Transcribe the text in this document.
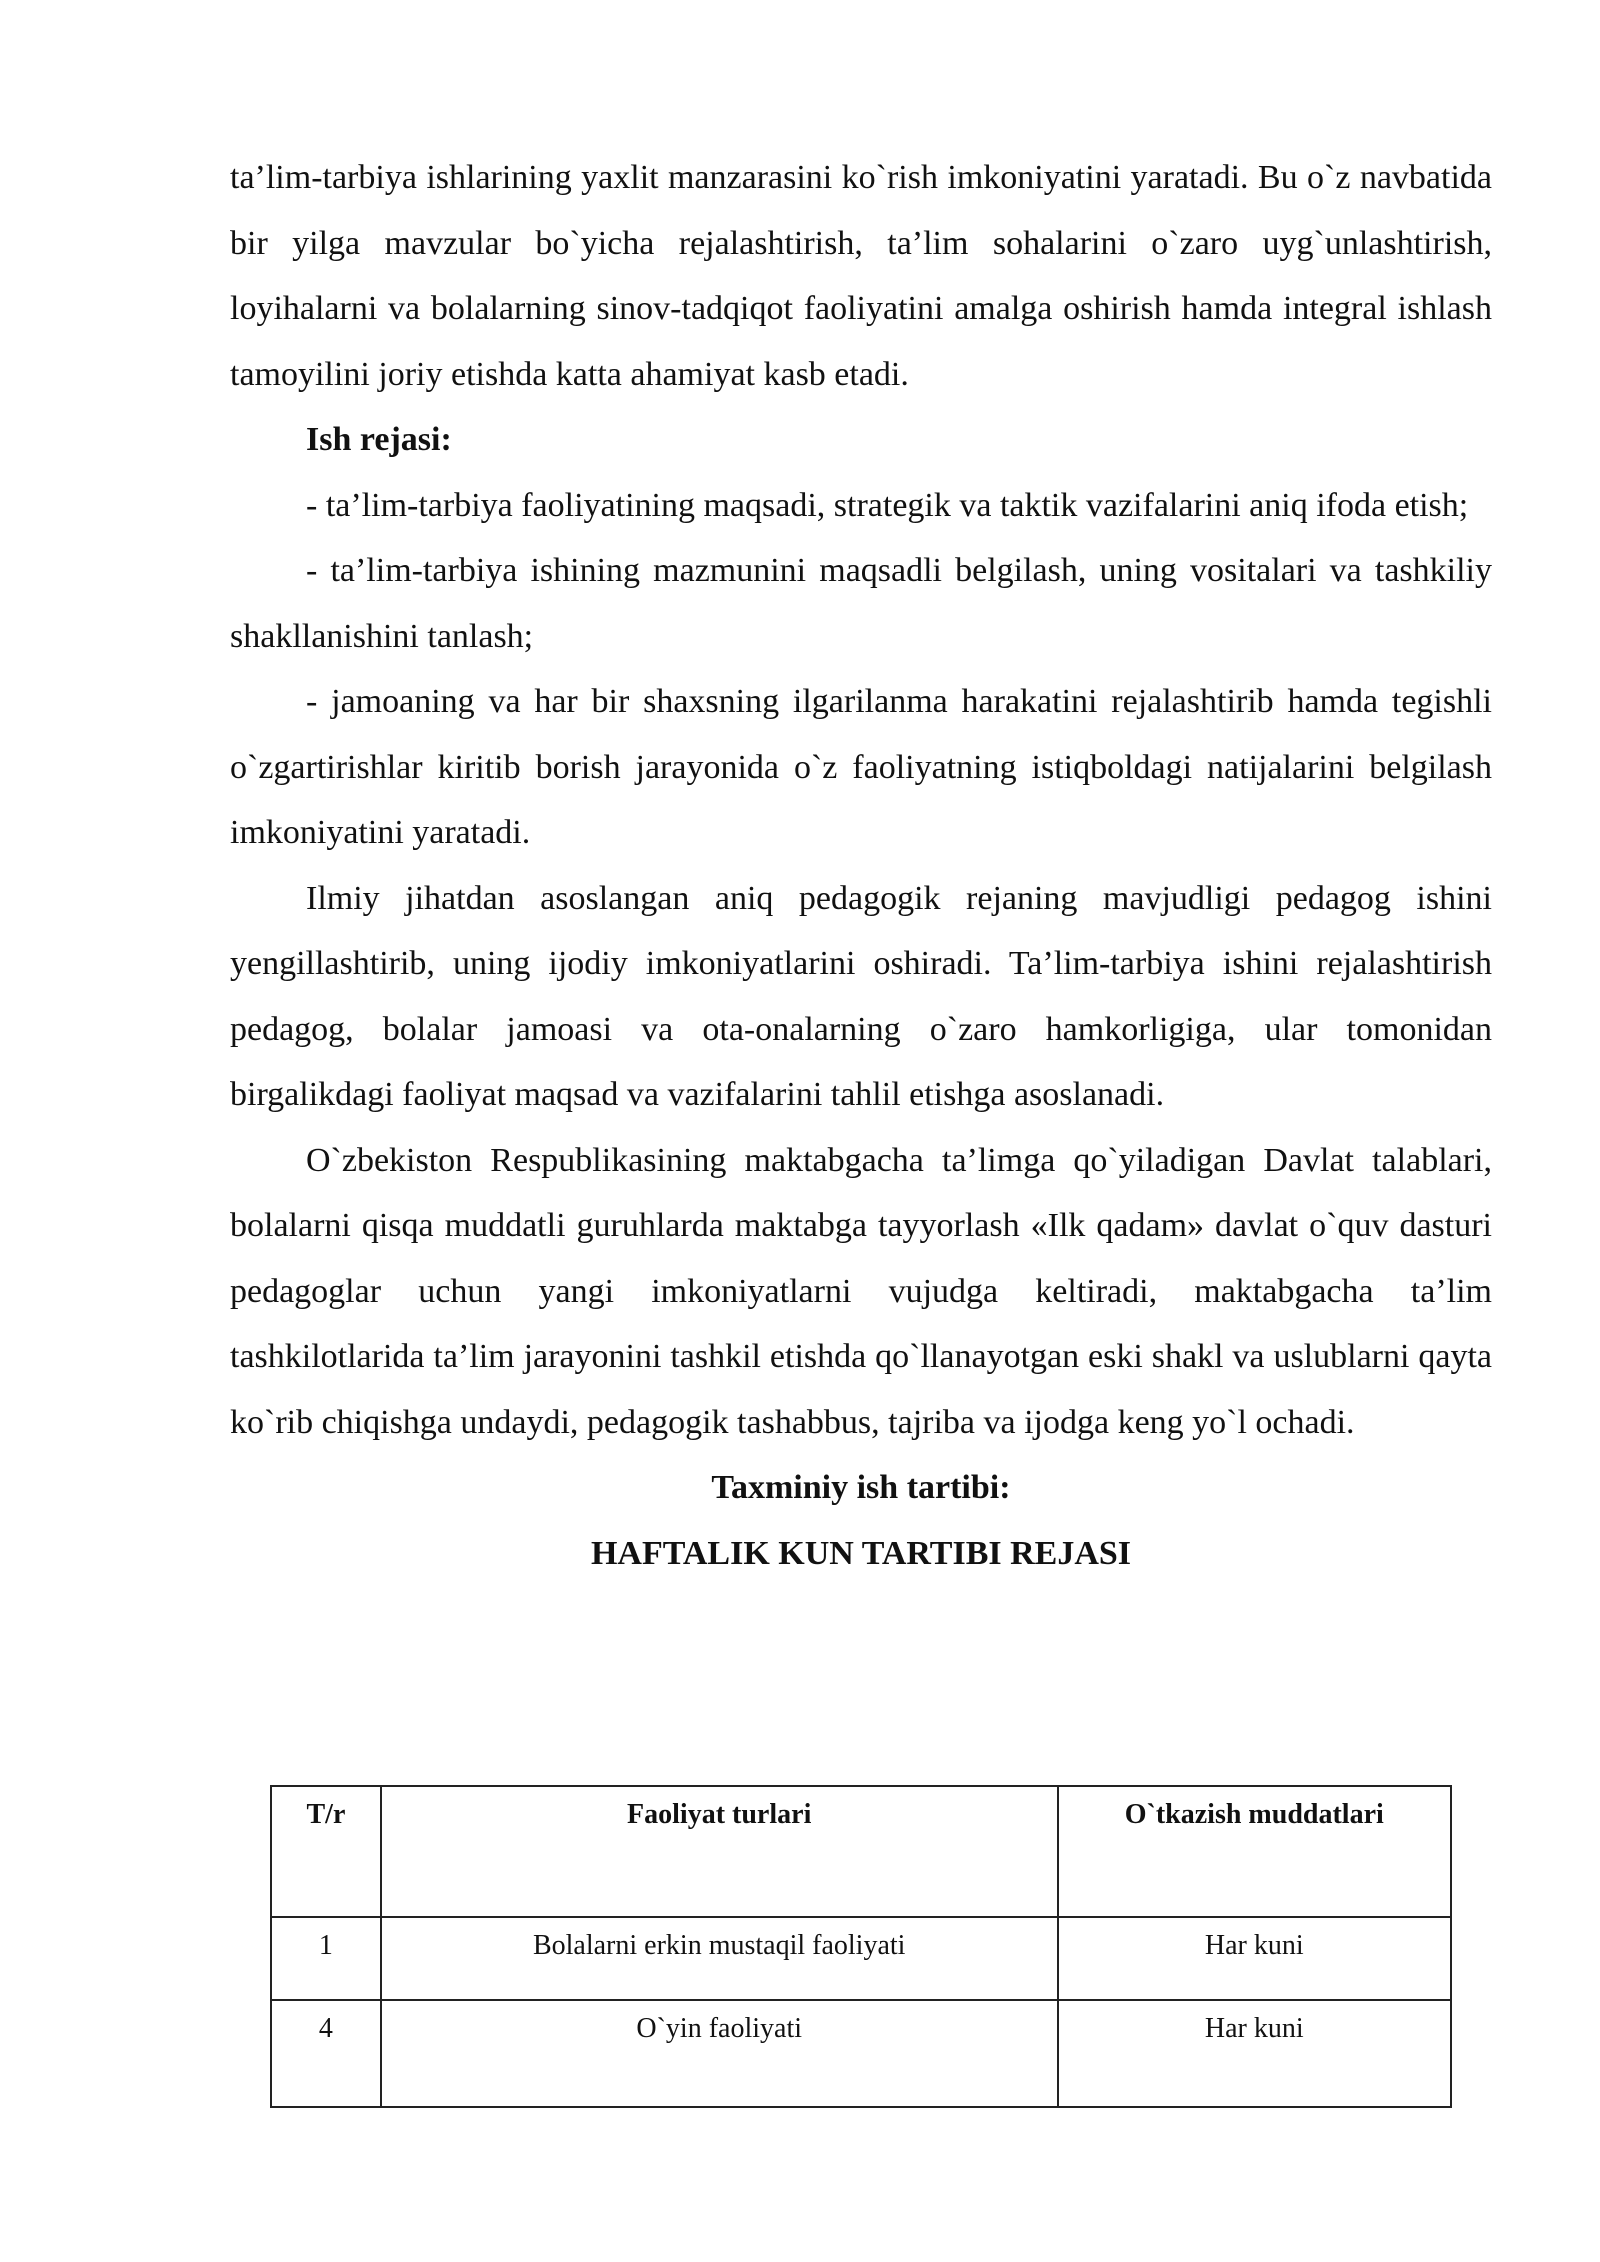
ta’lim-tarbiya ishlarining yaxlit manzarasini ko`rish imkoniyatini yaratadi. Bu o`z navbatida bir yilga mavzular bo`yicha rejalashtirish, ta’lim sohalarini o`zaro uyg`unlashtirish, loyihalarni va bolalarning sinov-tadqiqot faoliyatini amalga oshirish hamda integral ishlash tamoyilini joriy etishda katta ahamiyat kasb etadi.

Ish rejasi:

- ta’lim-tarbiya faoliyatining maqsadi, strategik va taktik vazifalarini aniq ifoda etish;

- ta’lim-tarbiya ishining mazmunini maqsadli belgilash, uning vositalari va tashkiliy shakllanishini tanlash;

- jamoaning va har bir shaxsning ilgarilanma harakatini rejalashtirib hamda tegishli o`zgartirishlar kiritib borish jarayonida o`z faoliyatning istiqboldagi natijalarini belgilash imkoniyatini yaratadi.

Ilmiy jihatdan asoslangan aniq pedagogik rejaning mavjudligi pedagog ishini yengillashtirib, uning ijodiy imkoniyatlarini oshiradi. Ta’lim-tarbiya ishini rejalashtirish pedagog, bolalar jamoasi va ota-onalarning o`zaro hamkorligiga, ular tomonidan birgalikdagi faoliyat maqsad va vazifalarini tahlil etishga asoslanadi.

O`zbekiston Respublikasining maktabgacha ta’limga qo`yiladigan Davlat talablari, bolalarni qisqa muddatli guruhlarda maktabga tayyorlash «Ilk qadam» davlat o`quv dasturi pedagoglar uchun yangi imkoniyatlarni vujudga keltiradi, maktabgacha ta’lim tashkilotlarida ta’lim jarayonini tashkil etishda qo`llanayotgan eski shakl va uslublarni qayta ko`rib chiqishga undaydi, pedagogik tashabbus, tajriba va ijodga keng yo`l ochadi.

Taxminiy ish tartibi:

HAFTALIK KUN TARTIBI REJASI

T/r	Faoliyat turlari	O`tkazish muddatlari
1	Bolalarni erkin mustaqil faoliyati	Har kuni
4	O`yin faoliyati	Har kuni
